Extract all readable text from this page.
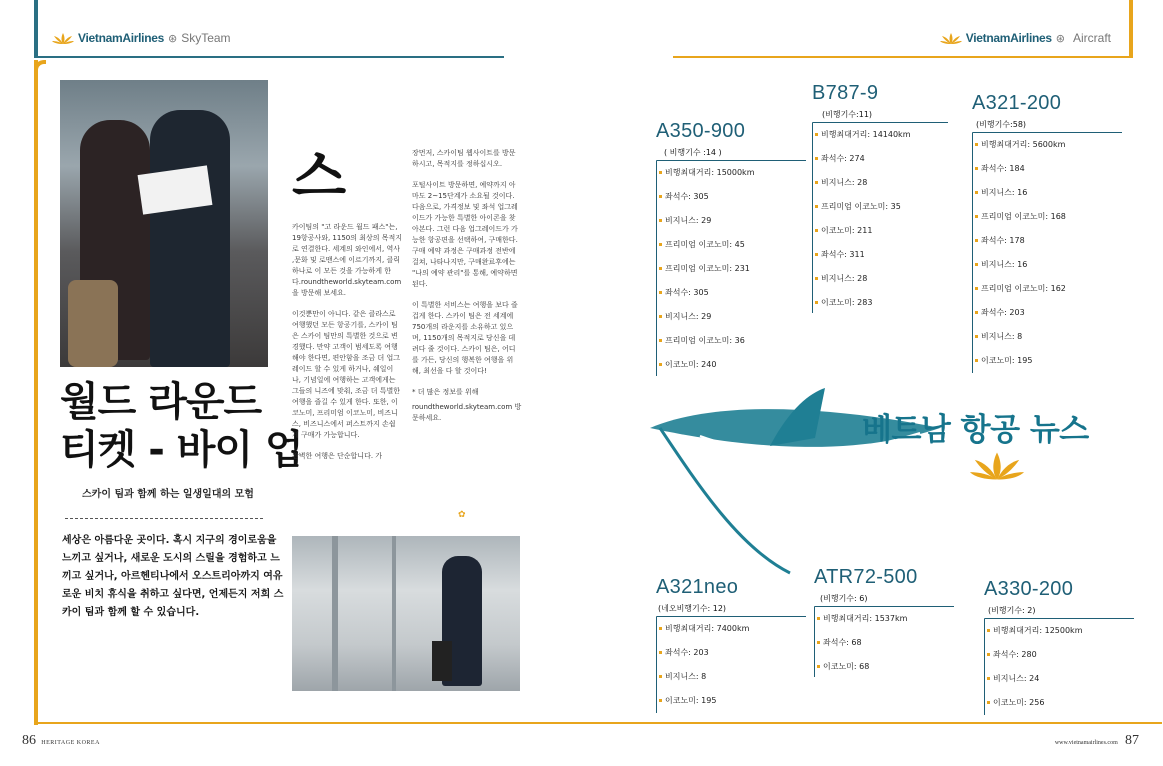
VietnamAirlines ⊛ SkyTeam	VietnamAirlines ⊛ Aircraft
월드 라운드
티켓 - 바이 업
스카이 팀과 함께 하는 일생일대의 모험
세상은 아름다운 곳이다. 혹시 지구의 경이로움을 느끼고 싶거나, 새로운 도시의 스릴을 경험하고 느끼고 싶거나, 아르헨티나에서 오스트리아까지 여유로운 비치 휴식을 취하고 싶다면, 언제든지 저희 스카이 팀과 함께 할 수 있습니다.
스

카이팀의 "고 라운드 월드 패스"는, 19항공사와, 1150의 최상의 목적지로 연결한다. 세계의 와인에서, 역사 ,문화 및 로맨스에 이르기까지, 클릭 하나로 이 모든 것을 가능하게 한다.roundtheworld.skyteam.com을 방문해 보세요.

이것뿐만이 아니다. 같은 클라스로 여행했던 모든 항공기를, 스카이 팀은 스카이 팀만의 특별한 것으로 변경했다. 만약 고객이 범세도록 여행해야 한다면, 편안함을 조금 더 업그레이드 할 수 있게 하거나, 쉐일이나, 기념일에 여행하는 고객에게는 그들의 니즈에 맞춰, 조금 더 특별한 여행을 즐길 수 있게 한다. 또한, 이코노미, 프리미엄 이코노미, 비즈니스, 비즈니스에서 퍼스트까지 손쉽게 구매가 가능합니다.

완벽한 여행은 단순합니다. 가

장먼저, 스카이팀 웹사이트를 방문하시고, 목적지를 정하십시오.

포털사이트 방문하면, 예약까지 아마도 2~15단계가 소요될 것이다. 다음으로, 가격정보 및 좌석 업그레이드가 가능한 특별한 아이콘을 찾아본다. 그런 다음 업그레이드가 가능한 항공편을 선택하여, 구매한다. 구매 예약 과정은 구매과정 전반에 걸쳐, 나타나지만, 구매완료후에는 "나의 예약 관리"를 통해, 예약하면 된다.

이 특별한 서비스는 여행을 보다 즐겁게 한다. 스카이 팀은 전 세계에 750개의 라운지를 소유하고 있으며, 1150개의 목적지로 당신을 데려다 줄 것이다. 스카이 팀은, 어디를 가든, 당신의 행복한 여행을 위해, 최선을 다 할 것이다!

* 더 많은 정보를 위해

roundtheworld.skyteam.com 방문하세요.

✿
베트남 항공 뉴스
A350-900
( 비행기수 :14 )
비행최대거리: 15000km
좌석수: 305
비지니스: 29
프리미엄 이코노미: 45
프리미엄 이코노미: 231
좌석수: 305
비지니스: 29
프리미엄 이코노미: 36
이코노미: 240
B787-9
(비행기수:11)
비행최대거리: 14140km
좌석수: 274
비지니스: 28
프리미엄 이코노미: 35
이코노미: 211
좌석수: 311
비지니스: 28
이코노미: 283
A321-200
(비행기수:58)
비행최대거리: 5600km
좌석수: 184
비지니스: 16
프리미엄 이코노미: 168
좌석수: 178
비지니스: 16
프리미엄 이코노미: 162
좌석수: 203
비지니스: 8
이코노미: 195
A321neo
(네오비행기수: 12)
비행최대거리: 7400km
좌석수: 203
비지니스: 8
이코노미: 195
ATR72-500
(비행기수: 6)
비행최대거리: 1537km
좌석수: 68
이코노미: 68
A330-200
(비행기수: 2)
비행최대거리: 12500km
좌석수: 280
비지니스: 24
이코노미: 256
86 HERITAGE KOREA	www.vietnamairlines.com 87
